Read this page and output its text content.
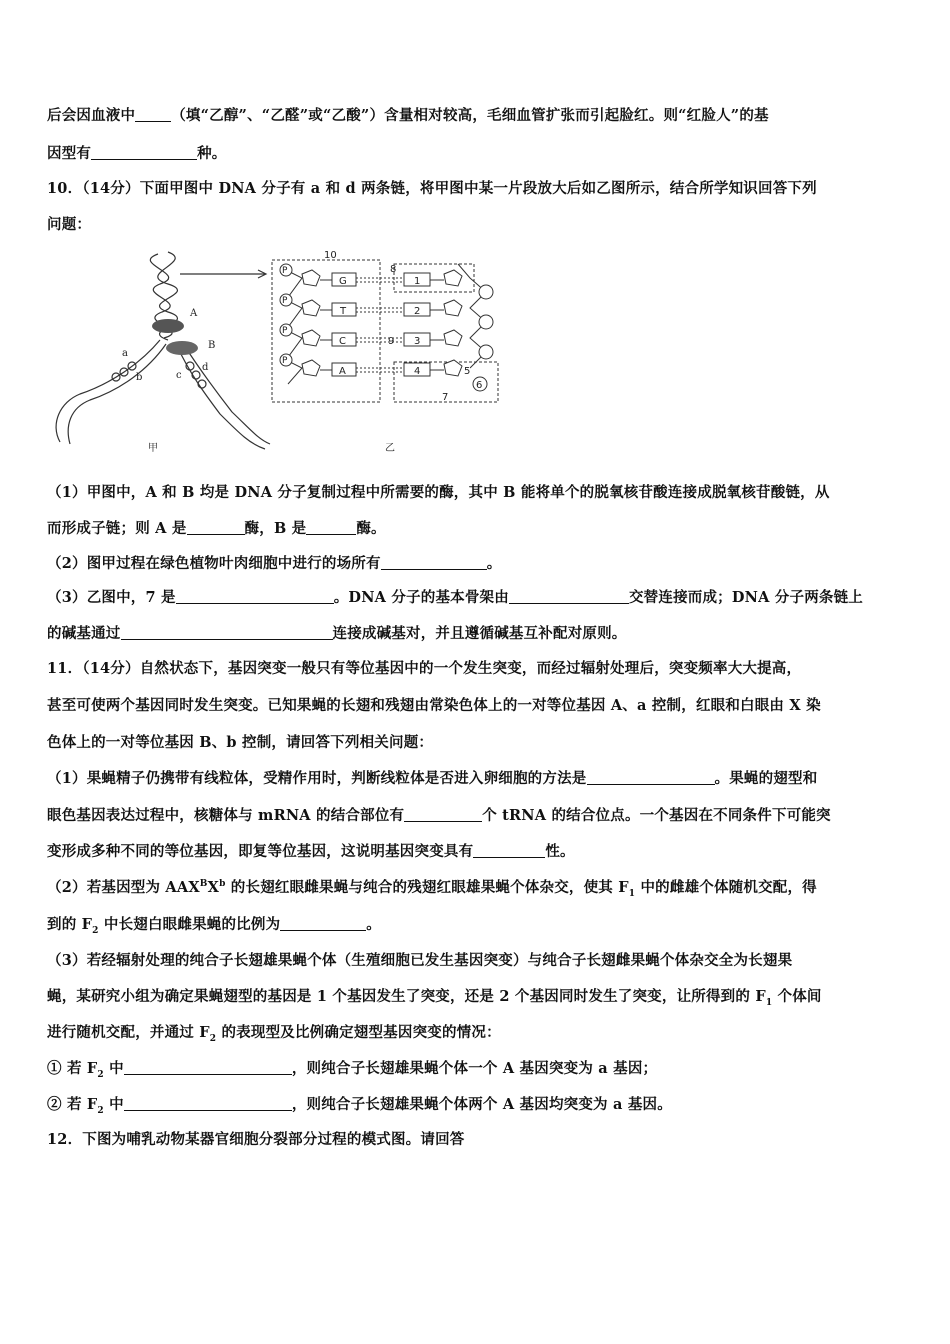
后会因血液中 （填“乙醇”、“乙醛”或“乙酸”）含量相对较高，毛细血管扩张而引起脸红。则“红脸人”的基
因型有	种。
10．（14分）下面甲图中 DNA 分子有 a 和 d 两条链，将甲图中某一片段放大后如乙图所示，结合所学知识回答下列
问题：
A
B
a
b	c
d
甲	乙
P
P
P
P
G
T
C
A
1
2
3
4
10
8
9
5
6
7
（1）甲图中，A 和 B 均是 DNA 分子复制过程中所需要的酶，其中 B 能将单个的脱氧核苷酸连接成脱氧核苷酸链，从
而形成子链；则 A 是	酶，B 是	酶。
（2）图甲过程在绿色植物叶肉细胞中进行的场所有	。
（3）乙图中，7 是	。DNA 分子的基本骨架由	交替连接而成；DNA 分子两条链上
的碱基通过	连接成碱基对，并且遵循碱基互补配对原则。
11．（14分）自然状态下，基因突变一般只有等位基因中的一个发生突变，而经过辐射处理后，突变频率大大提高，
甚至可使两个基因同时发生突变。已知果蝇的长翅和残翅由常染色体上的一对等位基因 A、a 控制，红眼和白眼由 X 染
色体上的一对等位基因 B、b 控制，请回答下列相关问题：
（1）果蝇精子仍携带有线粒体，受精作用时，判断线粒体是否进入卵细胞的方法是	。果蝇的翅型和
眼色基因表达过程中，核糖体与 mRNA 的结合部位有	个 tRNA 的结合位点。一个基因在不同条件下可能突
变形成多种不同的等位基因，即复等位基因，这说明基因突变具有	性。
（2）若基因型为 $AAX^BX^b$ 的长翅红眼雌果蝇与纯合的残翅红眼雄果蝇个体杂交，使其 $F_1$ 中的雌雄个体随机交配，得
到的 $F_2$ 中长翅白眼雌果蝇的比例为	。
（3）若经辐射处理的纯合子长翅雄果蝇个体（生殖细胞已发生基因突变）与纯合子长翅雌果蝇个体杂交全为长翅果
蝇，某研究小组为确定果蝇翅型的基因是 1 个基因发生了突变，还是 2 个基因同时发生了突变，让所得到的 $F_1$ 个体间
进行随机交配，并通过 $F_2$ 的表现型及比例确定翅型基因突变的情况：
① 若 $F_2$ 中	，则纯合子长翅雄果蝇个体一个 A 基因突变为 a 基因；
② 若 $F_2$ 中	，则纯合子长翅雄果蝇个体两个 A 基因均突变为 a 基因。
12．下图为哺乳动物某器官细胞分裂部分过程的模式图。请回答
